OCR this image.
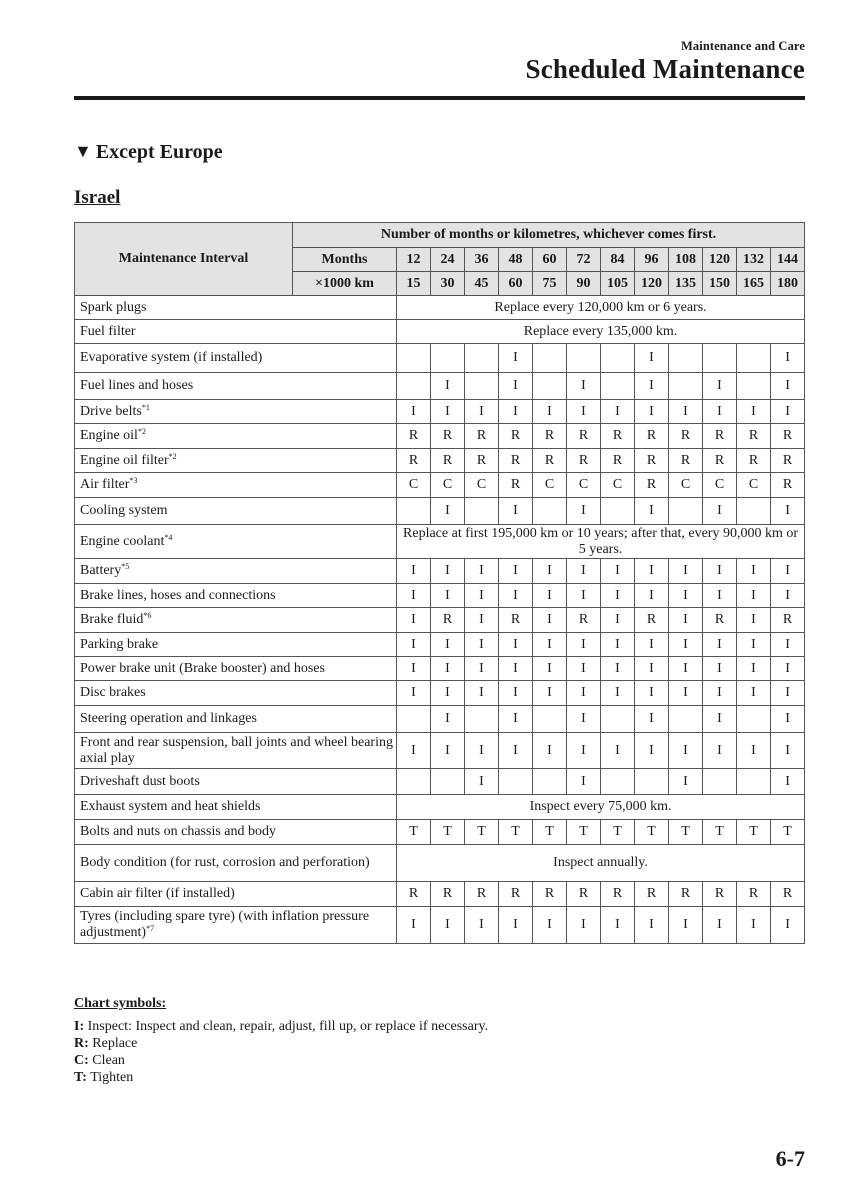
Maintenance and Care
Scheduled Maintenance
▼ Except Europe
Israel
Maintenance Interval	Number of months or kilometres, whichever comes first.												
	Months	12	24	36	48	60	72	84	96	108	120	132	144
	×1000 km	15	30	45	60	75	90	105	120	135	150	165	180
Spark plugs		Replace every 120,000 km or 6 years.											
Fuel filter		Replace every 135,000 km.											
Evaporative system (if installed)					I				I				I
Fuel lines and hoses			I		I		I		I		I		I
Drive belts$^{*1}$		I	I	I	I	I	I	I	I	I	I	I	I
Engine oil$^{*2}$		R	R	R	R	R	R	R	R	R	R	R	R
Engine oil filter$^{*2}$		R	R	R	R	R	R	R	R	R	R	R	R
Air filter$^{*3}$		C	C	C	R	C	C	C	R	C	C	C	R
Cooling system			I		I		I		I		I		I
Engine coolant$^{*4}$		Replace at first 195,000 km or 10 years; after that, every 90,000 km or 5 years.											
Battery$^{*5}$		I	I	I	I	I	I	I	I	I	I	I	I
Brake lines, hoses and connections		I	I	I	I	I	I	I	I	I	I	I	I
Brake fluid$^{*6}$		I	R	I	R	I	R	I	R	I	R	I	R
Parking brake		I	I	I	I	I	I	I	I	I	I	I	I
Power brake unit (Brake booster) and hoses		I	I	I	I	I	I	I	I	I	I	I	I
Disc brakes		I	I	I	I	I	I	I	I	I	I	I	I
Steering operation and linkages			I		I		I		I		I		I
Front and rear suspension, ball joints and wheel bearing axial play		I	I	I	I	I	I	I	I	I	I	I	I
Driveshaft dust boots				I			I			I			I
Exhaust system and heat shields		Inspect every 75,000 km.											
Bolts and nuts on chassis and body		T	T	T	T	T	T	T	T	T	T	T	T
Body condition (for rust, corrosion and perforation)		Inspect annually.											
Cabin air filter (if installed)		R	R	R	R	R	R	R	R	R	R	R	R
Tyres (including spare tyre) (with inflation pressure adjustment)$^{*7}$		I	I	I	I	I	I	I	I	I	I	I	I
Chart symbols:
I: Inspect: Inspect and clean, repair, adjust, fill up, or replace if necessary.
R: Replace
C: Clean
T: Tighten
6-7
